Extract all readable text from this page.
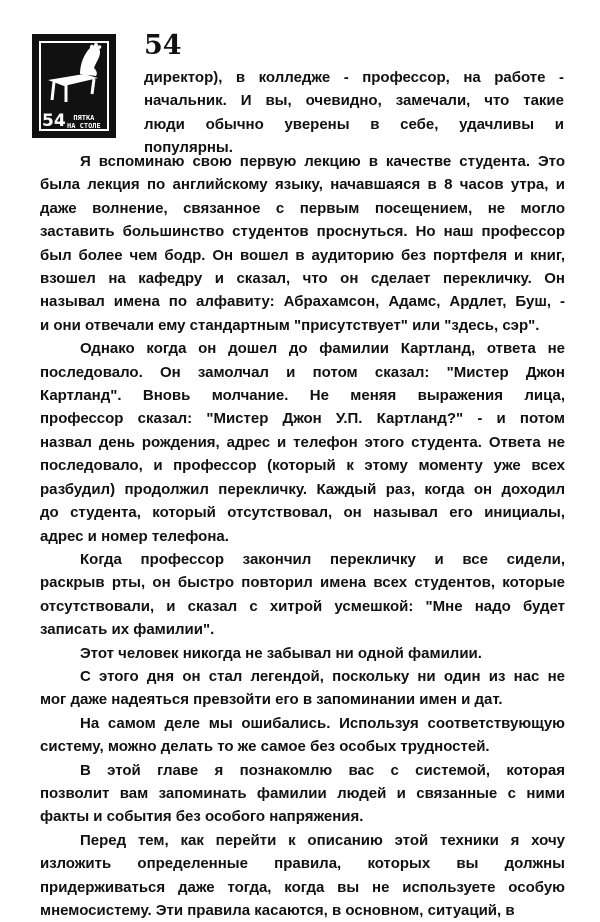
54	ПЯТКА
НА СТОЛЕ
54
директор), в колледже - профессор, на работе -
начальник. И вы, очевидно, замечали, что такие
люди обычно уверены в себе, удачливы и
популярны.

Я вспоминаю свою первую лекцию в качестве студента. Это
была лекция по английскому языку, начавшаяся в 8 часов утра, и
даже волнение, связанное с первым посещением, не могло
заставить большинство студентов проснуться. Но наш профессор
был более чем бодр. Он вошел в аудиторию без портфеля и книг,
взошел на кафедру и сказал, что он сделает перекличку. Он
называл имена по алфавиту: Абрахамсон, Адамс, Ардлет, Буш, -
и они отвечали ему стандартным "присутствует" или "здесь, сэр".

Однако когда он дошел до фамилии Картланд, ответа не
последовало. Он замолчал и потом сказал: "Мистер Джон
Картланд". Вновь молчание. Не меняя выражения лица,
профессор сказал: "Мистер Джон У.П. Картланд?" - и потом
назвал день рождения, адрес и телефон этого студента. Ответа не
последовало, и профессор (который к этому моменту уже всех
разбудил) продолжил перекличку. Каждый раз, когда он доходил
до студента, который отсутствовал, он называл его инициалы,
адрес и номер телефона.

Когда профессор закончил перекличку и все сидели,
раскрыв рты, он быстро повторил имена всех студентов, которые
отсутствовали, и сказал с хитрой усмешкой: "Мне надо будет
записать их фамилии".

Этот человек никогда не забывал ни одной фамилии.

С этого дня он стал легендой, поскольку ни один из нас не
мог даже надеяться превзойти его в запоминании имен и дат.

На самом деле мы ошибались. Используя соответствующую
систему, можно делать то же самое без особых трудностей.

В этой главе я познакомлю вас с системой, которая
позволит вам запоминать фамилии людей и связанные с ними
факты и события без особого напряжения.

Перед тем, как перейти к описанию этой техники я хочу
изложить определенные правила, которых вы должны
придерживаться даже тогда, когда вы не используете особую
мнемосистему. Эти правила касаются, в основном, ситуаций, в
